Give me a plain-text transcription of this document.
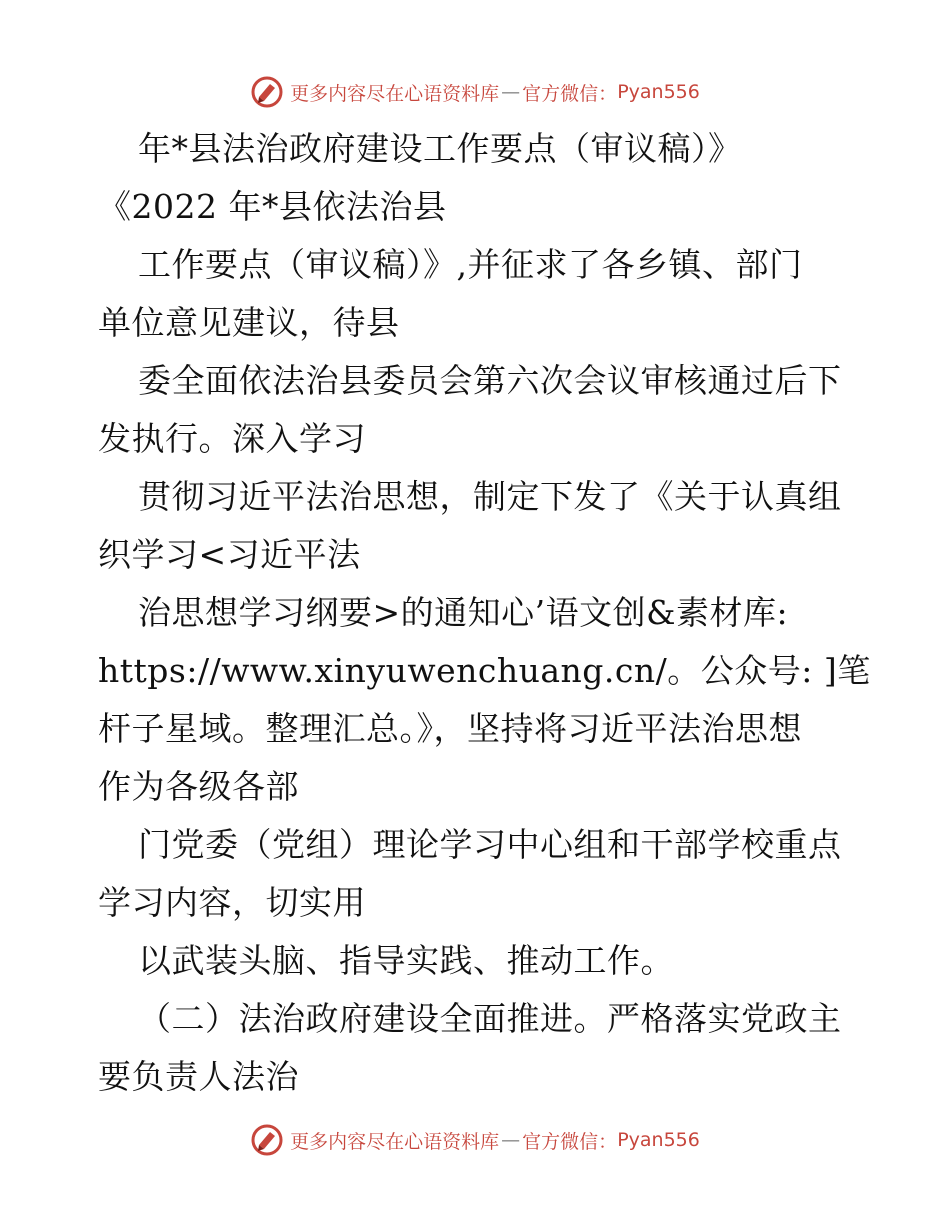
更多内容尽在心语资料库 — 官方微信： Pyan556
年*县法治政府建设工作要点（审议稿）》
《2022 年*县依法治县
工作要点（审议稿）》,并征求了各乡镇、部门
单位意见建议，待县
委全面依法治县委员会第六次会议审核通过后下
发执行。深入学习
贯彻习近平法治思想，制定下发了《关于认真组
织学习<习近平法
治思想学习纲要>的通知心’语文创&素材库:
https://www.xinyuwenchuang.cn/。公众号: ]笔
杆子星域。整理汇总。》，坚持将习近平法治思想
作为各级各部
门党委（党组）理论学习中心组和干部学校重点
学习内容，切实用
以武装头脑、指导实践、推动工作。
（二）法治政府建设全面推进。严格落实党政主
要负责人法治
更多内容尽在心语资料库 — 官方微信： Pyan556
